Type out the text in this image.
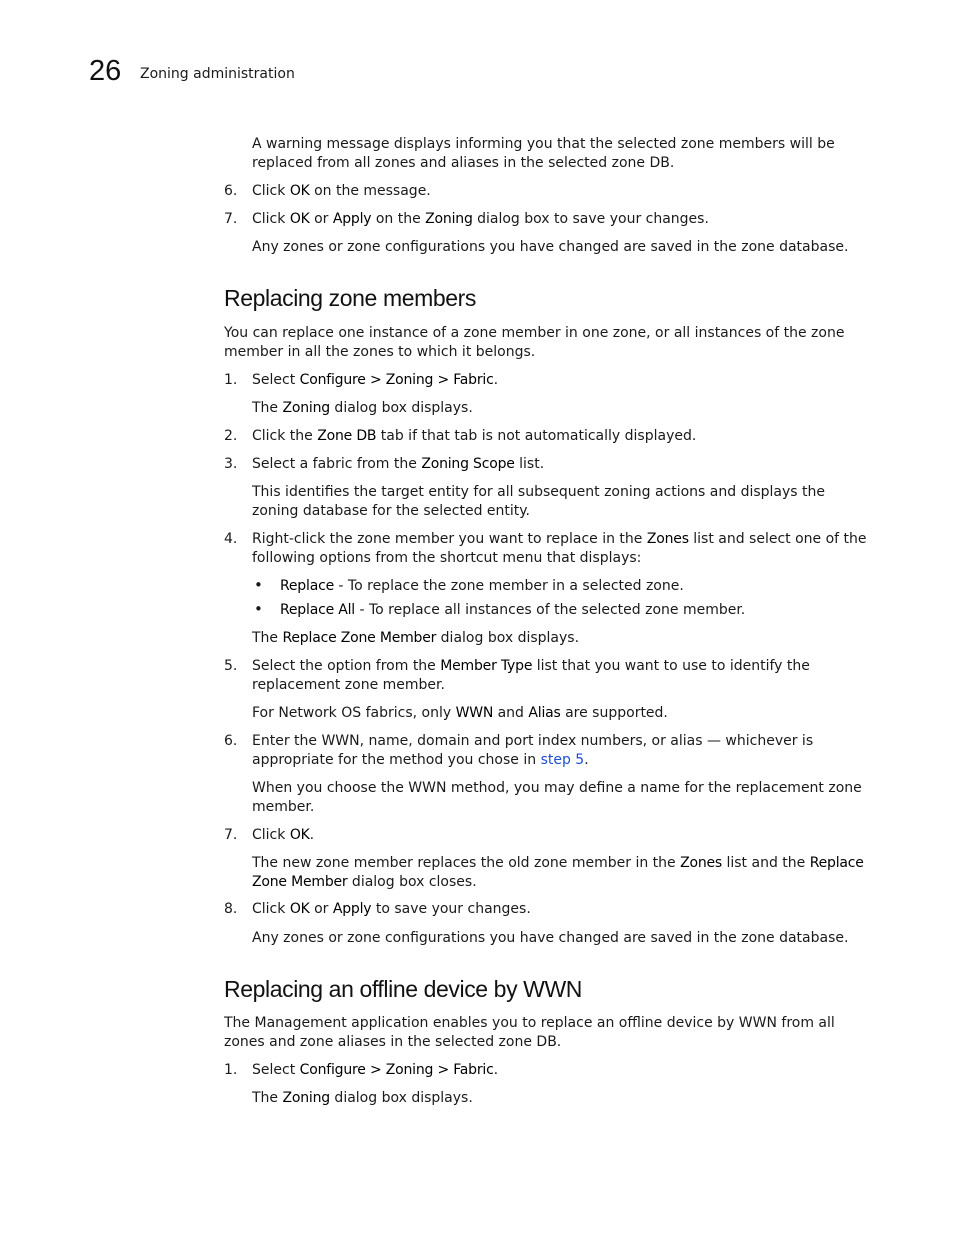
26 Zoning administration

A warning message displays informing you that the selected zone members will be replaced from all zones and aliases in the selected zone DB.

6. Click OK on the message.
7. Click OK or Apply on the Zoning dialog box to save your changes.

Any zones or zone configurations you have changed are saved in the zone database.

Replacing zone members

You can replace one instance of a zone member in one zone, or all instances of the zone member in all the zones to which it belongs.

1. Select Configure > Zoning > Fabric.

The Zoning dialog box displays.

2. Click the Zone DB tab if that tab is not automatically displayed.
3. Select a fabric from the Zoning Scope list.

This identifies the target entity for all subsequent zoning actions and displays the zoning database for the selected entity.

4. Right-click the zone member you want to replace in the Zones list and select one of the following options from the shortcut menu that displays:
• Replace - To replace the zone member in a selected zone.
• Replace All - To replace all instances of the selected zone member.

The Replace Zone Member dialog box displays.

5. Select the option from the Member Type list that you want to use to identify the replacement zone member.

For Network OS fabrics, only WWN and Alias are supported.

6. Enter the WWN, name, domain and port index numbers, or alias — whichever is appropriate for the method you chose in step 5.

When you choose the WWN method, you may define a name for the replacement zone member.

7. Click OK.

The new zone member replaces the old zone member in the Zones list and the Replace Zone Member dialog box closes.

8. Click OK or Apply to save your changes.

Any zones or zone configurations you have changed are saved in the zone database.

Replacing an offline device by WWN

The Management application enables you to replace an offline device by WWN from all zones and zone aliases in the selected zone DB.

1. Select Configure > Zoning > Fabric.

The Zoning dialog box displays.
